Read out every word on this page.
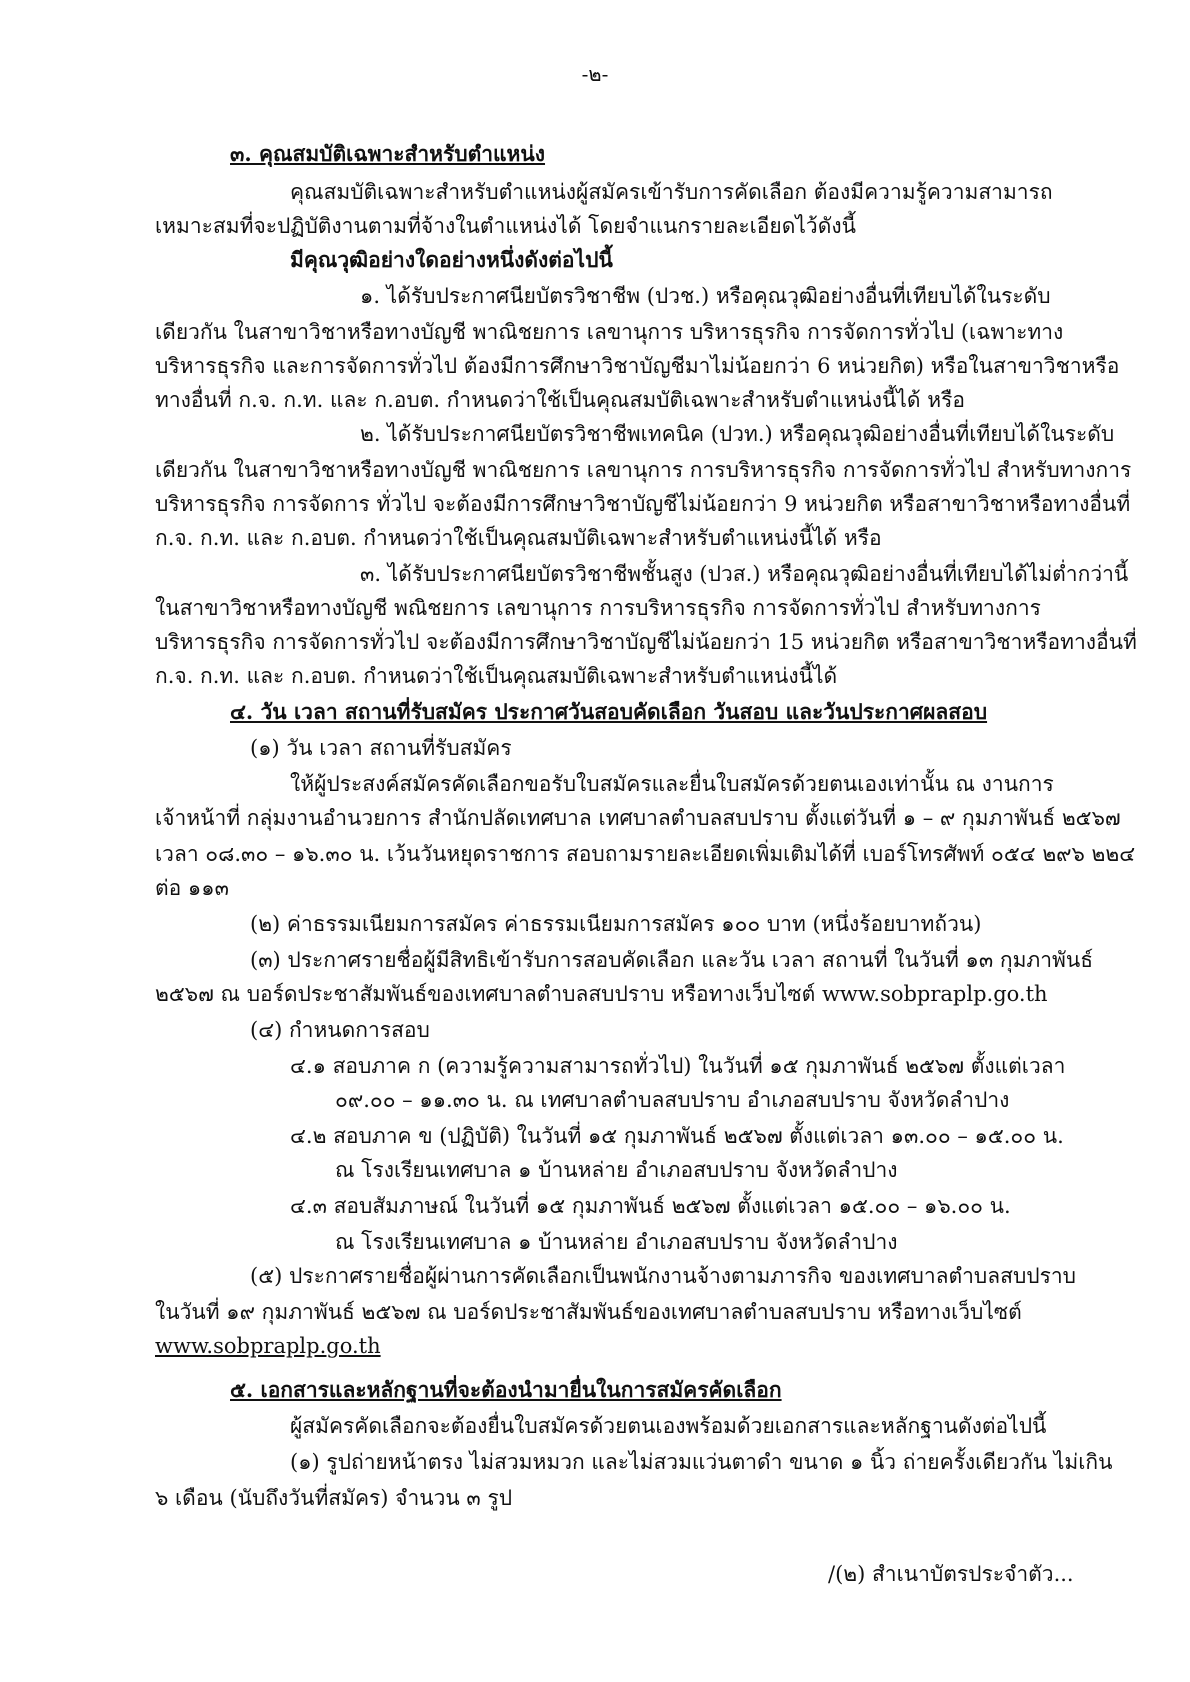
-๒-
๓. คุณสมบัติเฉพาะสำหรับตำแหน่ง
คุณสมบัติเฉพาะสำหรับตำแหน่งผู้สมัครเข้ารับการคัดเลือก ต้องมีความรู้ความสามารถ
เหมาะสมที่จะปฏิบัติงานตามที่จ้างในตำแหน่งได้ โดยจำแนกรายละเอียดไว้ดังนี้
มีคุณวุฒิอย่างใดอย่างหนึ่งดังต่อไปนี้
๑. ได้รับประกาศนียบัตรวิชาชีพ (ปวช.) หรือคุณวุฒิอย่างอื่นที่เทียบได้ในระดับ
เดียวกัน ในสาขาวิชาหรือทางบัญชี พาณิชยการ เลขานุการ บริหารธุรกิจ การจัดการทั่วไป (เฉพาะทาง
บริหารธุรกิจ และการจัดการทั่วไป ต้องมีการศึกษาวิชาบัญชีมาไม่น้อยกว่า 6 หน่วยกิต) หรือในสาขาวิชาหรือ
ทางอื่นที่ ก.จ. ก.ท. และ ก.อบต. กำหนดว่าใช้เป็นคุณสมบัติเฉพาะสำหรับตำแหน่งนี้ได้ หรือ
๒. ได้รับประกาศนียบัตรวิชาชีพเทคนิค (ปวท.) หรือคุณวุฒิอย่างอื่นที่เทียบได้ในระดับ
เดียวกัน ในสาขาวิชาหรือทางบัญชี พาณิชยการ เลขานุการ การบริหารธุรกิจ การจัดการทั่วไป สำหรับทางการ
บริหารธุรกิจ การจัดการ ทั่วไป จะต้องมีการศึกษาวิชาบัญชีไม่น้อยกว่า 9 หน่วยกิต หรือสาขาวิชาหรือทางอื่นที่
ก.จ. ก.ท. และ ก.อบต. กำหนดว่าใช้เป็นคุณสมบัติเฉพาะสำหรับตำแหน่งนี้ได้ หรือ
๓. ได้รับประกาศนียบัตรวิชาชีพชั้นสูง (ปวส.) หรือคุณวุฒิอย่างอื่นที่เทียบได้ไม่ต่ำกว่านี้
ในสาขาวิชาหรือทางบัญชี พณิชยการ เลขานุการ การบริหารธุรกิจ การจัดการทั่วไป สำหรับทางการ
บริหารธุรกิจ การจัดการทั่วไป จะต้องมีการศึกษาวิชาบัญชีไม่น้อยกว่า 15 หน่วยกิต หรือสาขาวิชาหรือทางอื่นที่
ก.จ. ก.ท. และ ก.อบต. กำหนดว่าใช้เป็นคุณสมบัติเฉพาะสำหรับตำแหน่งนี้ได้
๔. วัน เวลา สถานที่รับสมัคร ประกาศวันสอบคัดเลือก วันสอบ และวันประกาศผลสอบ
(๑) วัน เวลา สถานที่รับสมัคร
ให้ผู้ประสงค์สมัครคัดเลือกขอรับใบสมัครและยื่นใบสมัครด้วยตนเองเท่านั้น ณ งานการ
เจ้าหน้าที่ กลุ่มงานอำนวยการ สำนักปลัดเทศบาล เทศบาลตำบลสบปราบ ตั้งแต่วันที่ ๑ – ๙ กุมภาพันธ์ ๒๕๖๗
เวลา ๐๘.๓๐ – ๑๖.๓๐ น. เว้นวันหยุดราชการ สอบถามรายละเอียดเพิ่มเติมได้ที่ เบอร์โทรศัพท์ ๐๕๔ ๒๙๖ ๒๒๔
ต่อ ๑๑๓
(๒) ค่าธรรมเนียมการสมัคร ค่าธรรมเนียมการสมัคร ๑๐๐ บาท (หนึ่งร้อยบาทถ้วน)
(๓) ประกาศรายชื่อผู้มีสิทธิเข้ารับการสอบคัดเลือก และวัน เวลา สถานที่ ในวันที่ ๑๓ กุมภาพันธ์
๒๕๖๗ ณ บอร์ดประชาสัมพันธ์ของเทศบาลตำบลสบปราบ หรือทางเว็บไซต์ www.sobpraplp.go.th
(๔) กำหนดการสอบ
๔.๑ สอบภาค ก (ความรู้ความสามารถทั่วไป) ในวันที่ ๑๕ กุมภาพันธ์ ๒๕๖๗ ตั้งแต่เวลา
๐๙.๐๐ – ๑๑.๓๐ น. ณ เทศบาลตำบลสบปราบ อำเภอสบปราบ จังหวัดลำปาง
๔.๒ สอบภาค ข (ปฏิบัติ) ในวันที่ ๑๕ กุมภาพันธ์ ๒๕๖๗ ตั้งแต่เวลา ๑๓.๐๐ – ๑๕.๐๐ น.
ณ โรงเรียนเทศบาล ๑ บ้านหล่าย อำเภอสบปราบ จังหวัดลำปาง
๔.๓ สอบสัมภาษณ์ ในวันที่ ๑๕ กุมภาพันธ์ ๒๕๖๗ ตั้งแต่เวลา ๑๕.๐๐ – ๑๖.๐๐ น.
ณ โรงเรียนเทศบาล ๑ บ้านหล่าย อำเภอสบปราบ จังหวัดลำปาง
(๕) ประกาศรายชื่อผู้ผ่านการคัดเลือกเป็นพนักงานจ้างตามภารกิจ ของเทศบาลตำบลสบปราบ
ในวันที่ ๑๙ กุมภาพันธ์ ๒๕๖๗ ณ บอร์ดประชาสัมพันธ์ของเทศบาลตำบลสบปราบ หรือทางเว็บไซต์
www.sobpraplp.go.th
๕. เอกสารและหลักฐานที่จะต้องนำมายื่นในการสมัครคัดเลือก
ผู้สมัครคัดเลือกจะต้องยื่นใบสมัครด้วยตนเองพร้อมด้วยเอกสารและหลักฐานดังต่อไปนี้
(๑) รูปถ่ายหน้าตรง ไม่สวมหมวก และไม่สวมแว่นตาดำ ขนาด ๑ นิ้ว ถ่ายครั้งเดียวกัน ไม่เกิน
๖ เดือน (นับถึงวันที่สมัคร) จำนวน ๓ รูป
/(๒) สำเนาบัตรประจำตัว...
